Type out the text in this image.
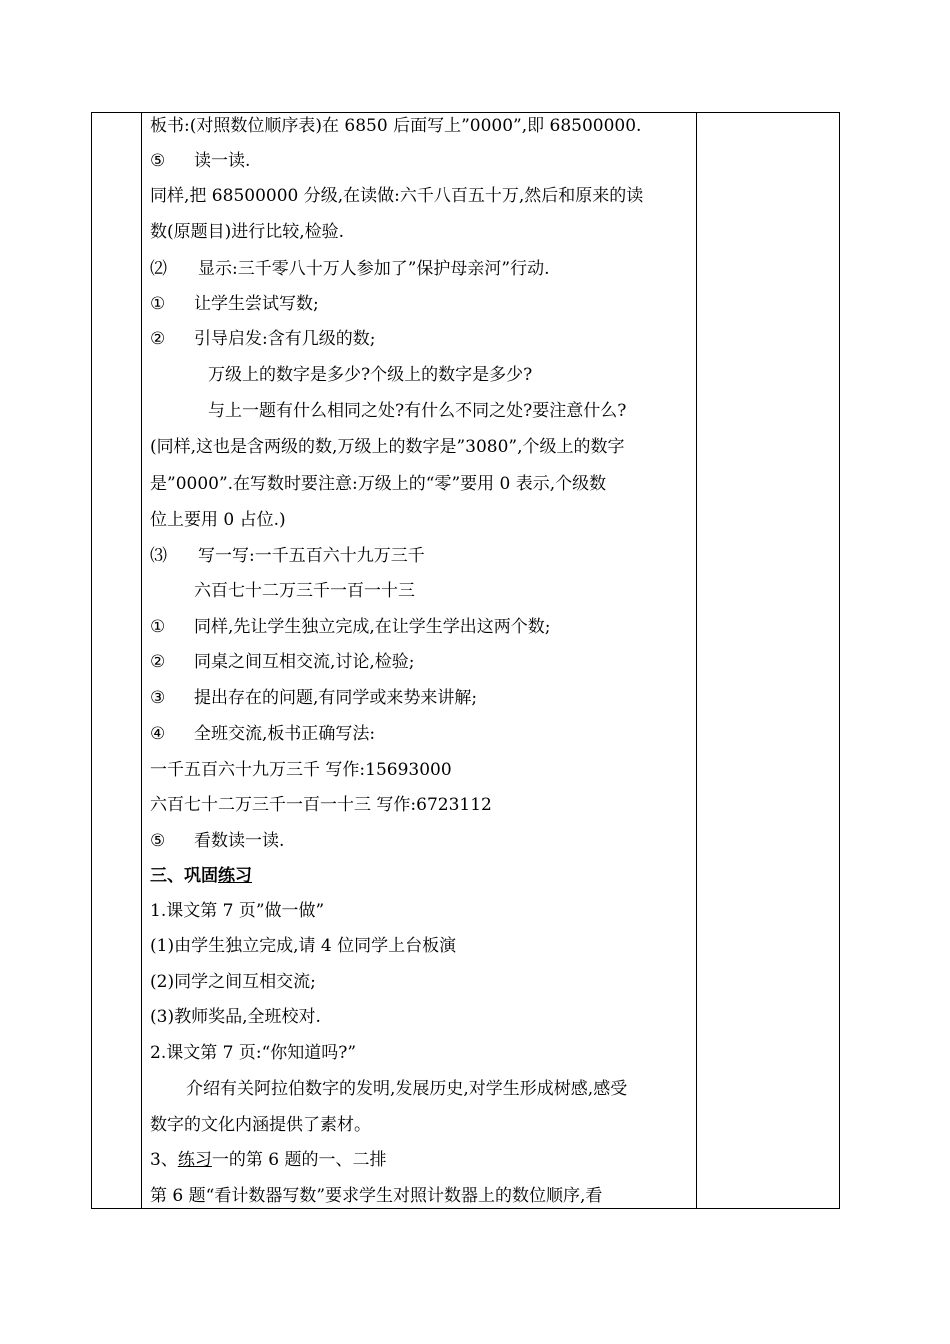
板书:(对照数位顺序表)在 6850 后面写上”0000”,即 68500000.
⑤ 读一读.
同样,把 68500000 分级,在读做:六千八百五十万,然后和原来的读
数(原题目)进行比较,检验.
⑵ 显示:三千零八十万人参加了”保护母亲河”行动.
① 让学生尝试写数;
② 引导启发:含有几级的数;
万级上的数字是多少?个级上的数字是多少?
与上一题有什么相同之处?有什么不同之处?要注意什么?
(同样,这也是含两级的数,万级上的数字是”3080”,个级上的数字
是”0000”.在写数时要注意:万级上的“零”要用 0 表示,个级数
位上要用 0 占位.)
⑶ 写一写:一千五百六十九万三千
六百七十二万三千一百一十三
① 同样,先让学生独立完成,在让学生学出这两个数;
② 同桌之间互相交流,讨论,检验;
③ 提出存在的问题,有同学或来势来讲解;
④ 全班交流,板书正确写法:
一千五百六十九万三千 写作:15693000
六百七十二万三千一百一十三 写作:6723112
⑤ 看数读一读.
三、巩固练习
1.课文第 7 页”做一做”
(1)由学生独立完成,请 4 位同学上台板演
(2)同学之间互相交流;
(3)教师奖品,全班校对.
2.课文第 7 页:“你知道吗?”
介绍有关阿拉伯数字的发明,发展历史,对学生形成树感,感受
数字的文化内涵提供了素材。
3、练习一的第 6 题的一、二排
第 6 题“看计数器写数”要求学生对照计数器上的数位顺序,看
